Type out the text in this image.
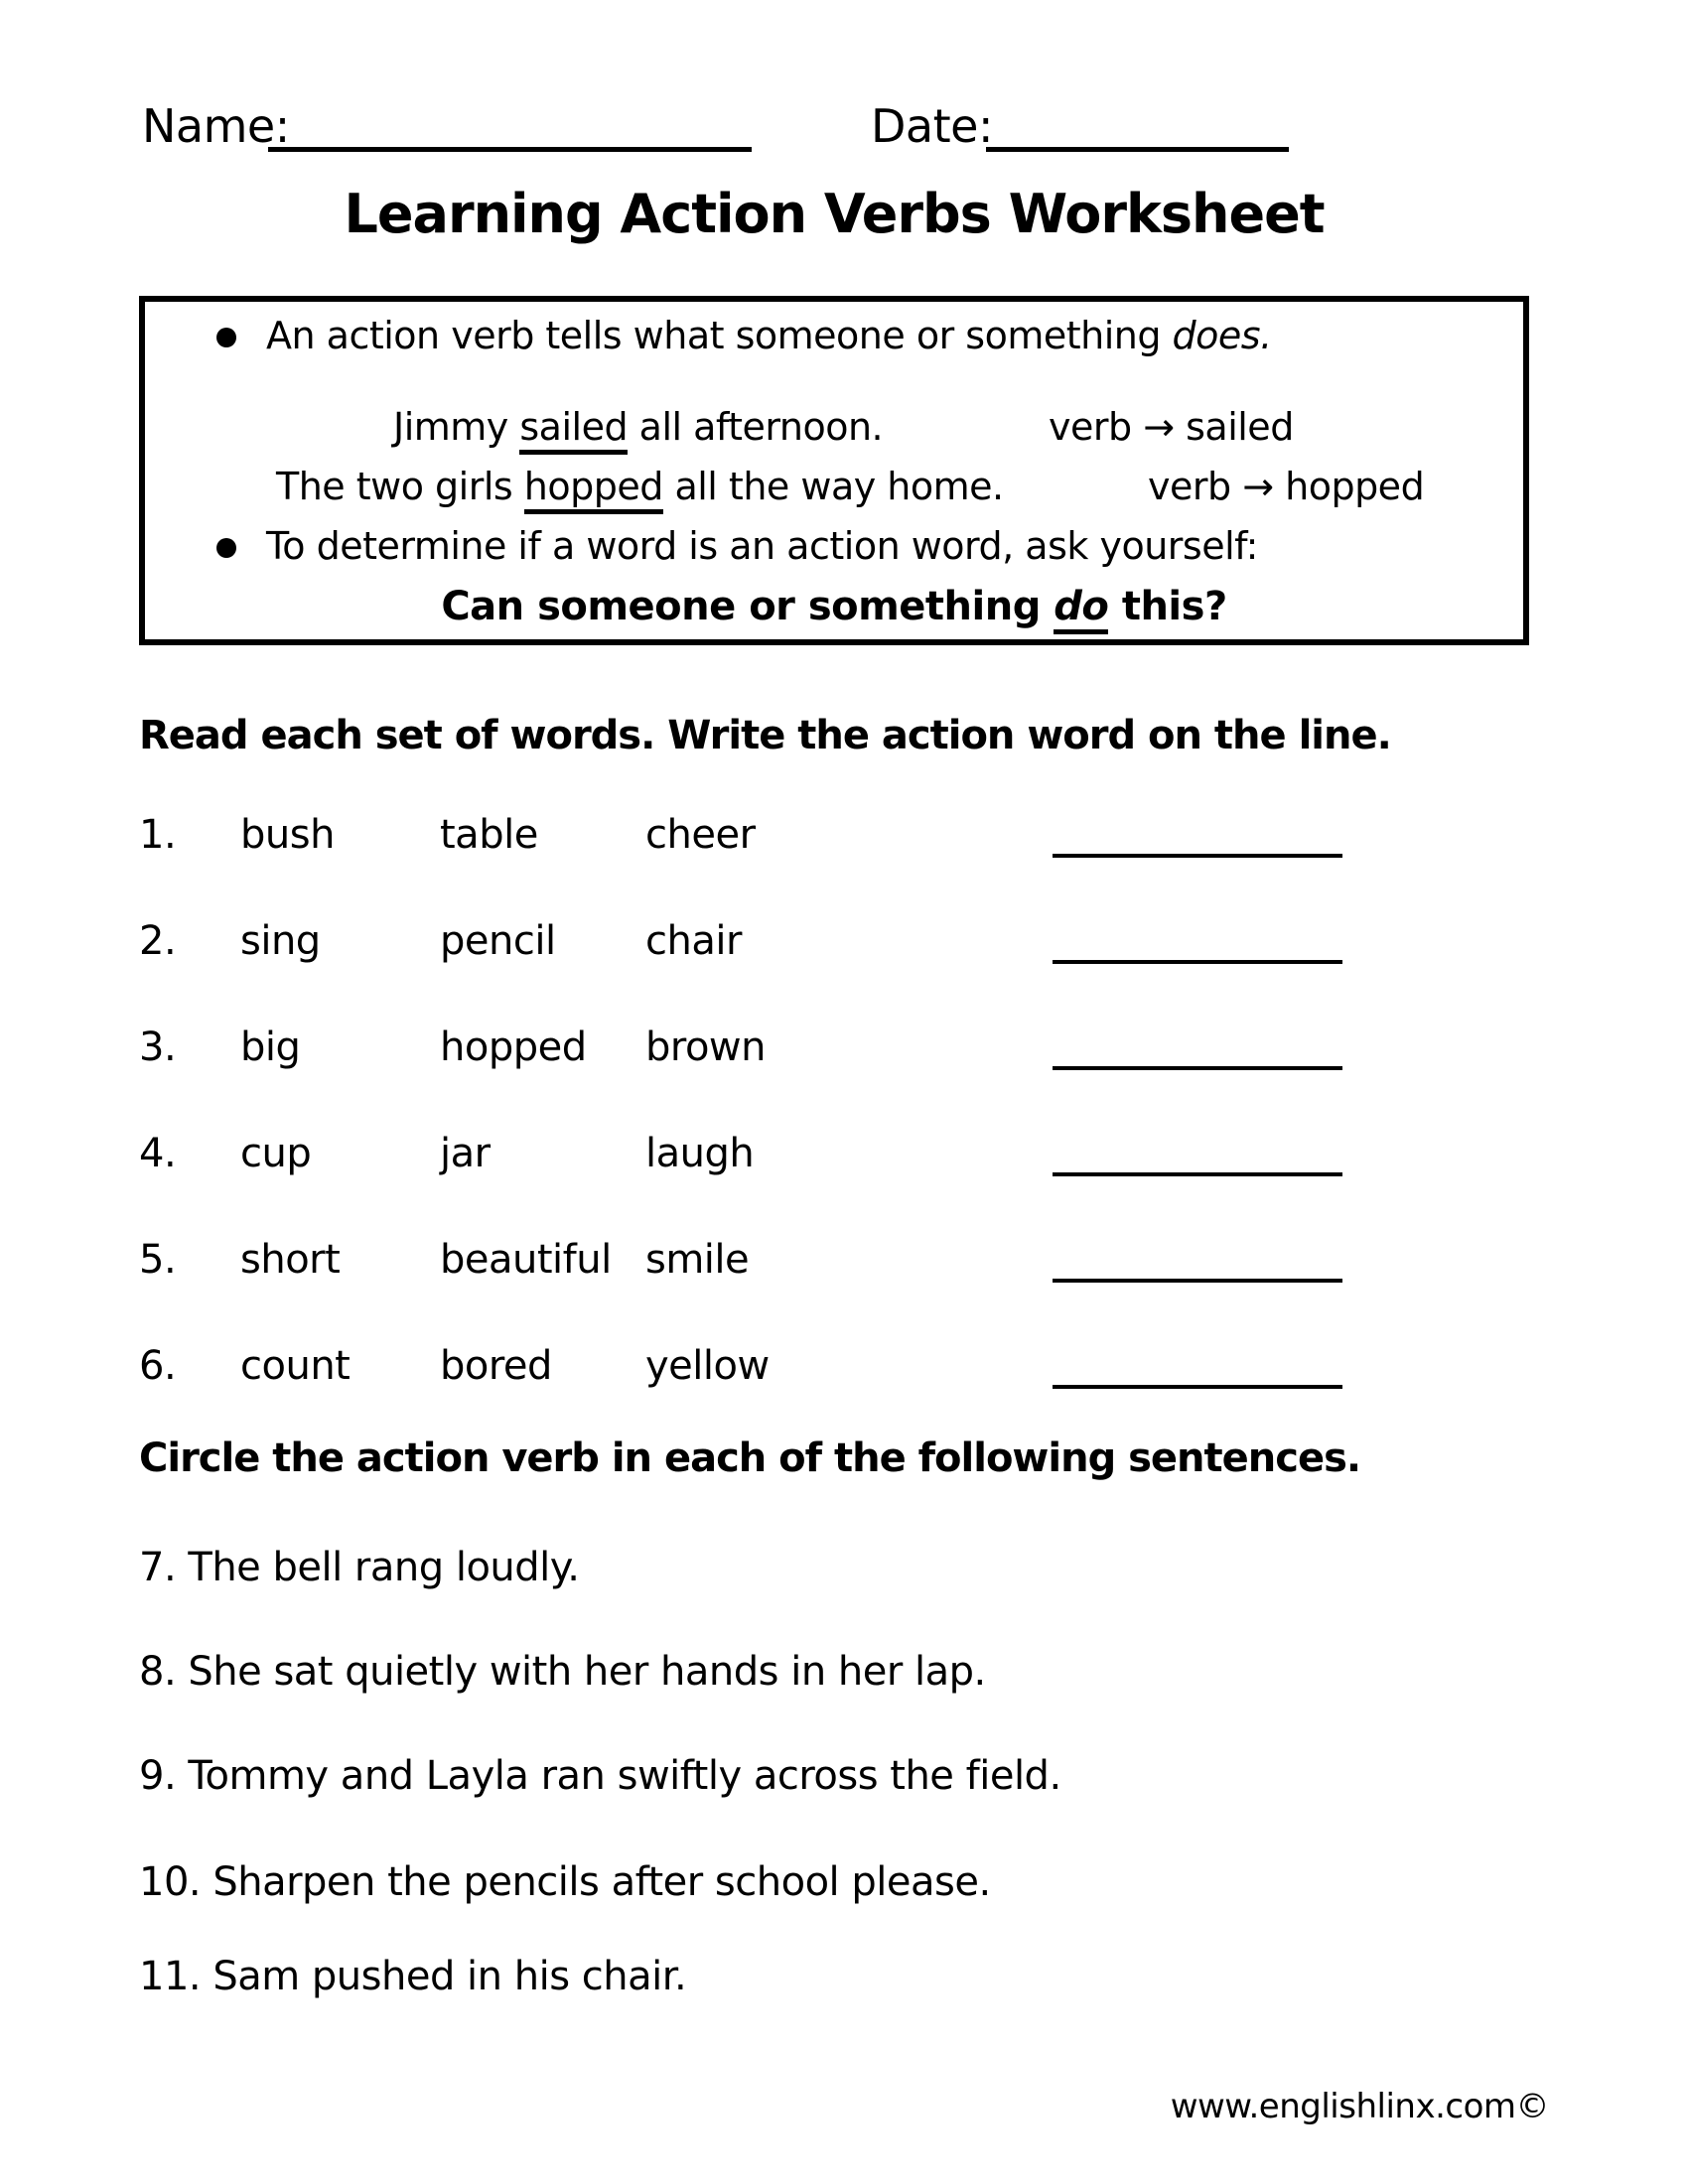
Name:	Date:
Learning Action Verbs Worksheet
An action verb tells what someone or something does.
Jimmy sailed all afternoon.	verb → sailed
The two girls hopped all the way home.	verb → hopped
To determine if a word is an action word, ask yourself:
Can someone or something do this?
Read each set of words. Write the action word on the line.
1. bush	table	cheer
2. sing	pencil chair
3. big	hopped brown
4. cup	jar	laugh
5. short	beautiful smile
6. count bored yellow
Circle the action verb in each of the following sentences.
7. The bell rang loudly.
8. She sat quietly with her hands in her lap.
9. Tommy and Layla ran swiftly across the field.
10. Sharpen the pencils after school please.
11. Sam pushed in his chair.
www.englishlinx.com©
